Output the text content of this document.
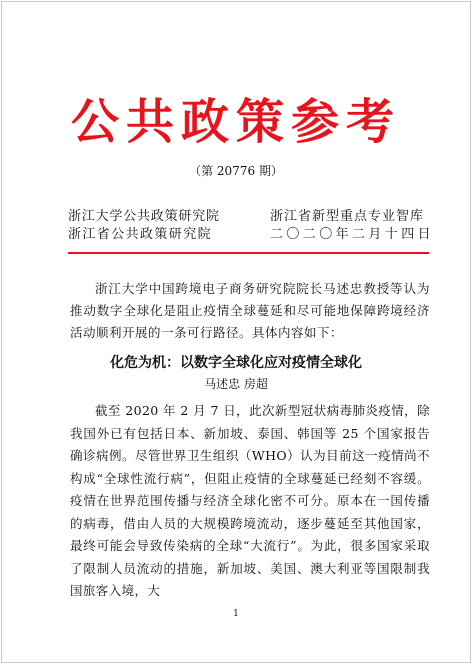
公共政策参考
（第 20776 期）
浙江大学公共政策研究院
浙江省公共政策研究院
浙江省新型重点专业智库
二〇二〇年二月十四日
浙江大学中国跨境电子商务研究院院长马述忠教授等认为推动数字全球化是阻止疫情全球蔓延和尽可能地保障跨境经济活动顺利开展的一条可行路径。具体内容如下：
化危为机：以数字全球化应对疫情全球化
马述忠 房超
截至 2020 年 2 月 7 日，此次新型冠状病毒肺炎疫情，除我国外已有包括日本、新加坡、泰国、韩国等 25 个国家报告确诊病例。尽管世界卫生组织（WHO）认为目前这一疫情尚不构成“全球性流行病”，但阻止疫情的全球蔓延已经刻不容缓。疫情在世界范围传播与经济全球化密不可分。原本在一国传播的病毒，借由人员的大规模跨境流动，逐步蔓延至其他国家，最终可能会导致传染病的全球“大流行”。为此，很多国家采取了限制人员流动的措施，新加坡、美国、澳大利亚等国限制我国旅客入境，大
1
